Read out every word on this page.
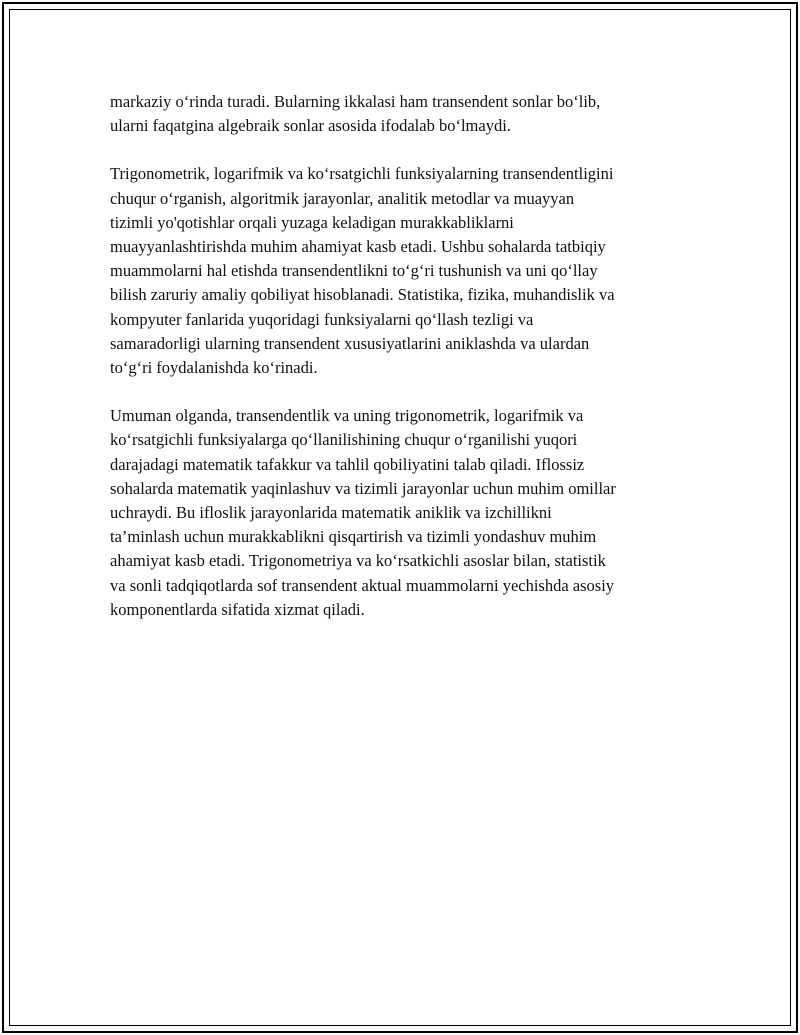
markaziy o‘rinda turadi. Bularning ikkalasi ham transendent sonlar bo‘lib,
ularni faqatgina algebraik sonlar asosida ifodalab bo‘lmaydi.

Trigonometrik, logarifmik va ko‘rsatgichli funksiyalarning transendentligini
chuqur o‘rganish, algoritmik jarayonlar, analitik metodlar va muayyan
tizimli yo'qotishlar orqali yuzaga keladigan murakkabliklarni
muayyanlashtirishda muhim ahamiyat kasb etadi. Ushbu sohalarda tatbiqiy
muammolarni hal etishda transendentlikni to‘g‘ri tushunish va uni qo‘llay
bilish zaruriy amaliy qobiliyat hisoblanadi. Statistika, fizika, muhandislik va
kompyuter fanlarida yuqoridagi funksiyalarni qo‘llash tezligi va
samaradorligi ularning transendent xususiyatlarini aniklashda va ulardan
to‘g‘ri foydalanishda ko‘rinadi.

Umuman olganda, transendentlik va uning trigonometrik, logarifmik va
ko‘rsatgichli funksiyalarga qo‘llanilishining chuqur o‘rganilishi yuqori
darajadagi matematik tafakkur va tahlil qobiliyatini talab qiladi. Iflossiz
sohalarda matematik yaqinlashuv va tizimli jarayonlar uchun muhim omillar
uchraydi. Bu ifloslik jarayonlarida matematik aniklik va izchillikni
ta’minlash uchun murakkablikni qisqartirish va tizimli yondashuv muhim
ahamiyat kasb etadi. Trigonometriya va ko‘rsatkichli asoslar bilan, statistik
va sonli tadqiqotlarda sof transendent aktual muammolarni yechishda asosiy
komponentlarda sifatida xizmat qiladi.
